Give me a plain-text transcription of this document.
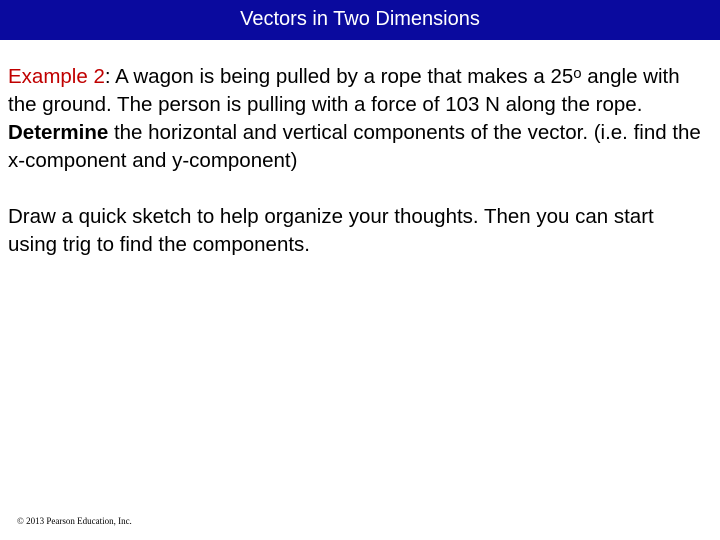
Vectors in Two Dimensions

Example 2: A wagon is being pulled by a rope that makes a 25$^o$ angle with the ground. The person is pulling with a force of 103 N along the rope. Determine the horizontal and vertical components of the vector. (i.e. find the x-component and y-component)

Draw a quick sketch to help organize your thoughts. Then you can start using trig to find the components.

© 2013 Pearson Education, Inc.
